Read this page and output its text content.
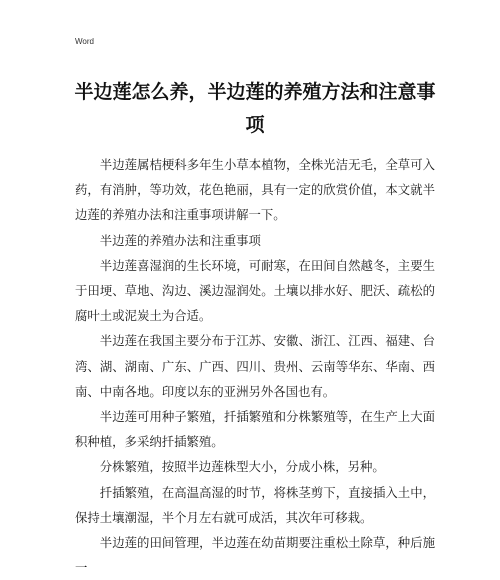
Word
半边莲怎么养，半边莲的养殖方法和注意事项

半边莲属桔梗科多年生小草本植物，全株光洁无毛，全草可入药，有消肿，等功效，花色艳丽，具有一定的欣赏价值，本文就半边莲的养殖办法和注重事项讲解一下。

半边莲的养殖办法和注重事项

半边莲喜湿润的生长环境，可耐寒，在田间自然越冬，主要生于田埂、草地、沟边、溪边湿润处。土壤以排水好、肥沃、疏松的腐叶土或泥炭土为合适。

半边莲在我国主要分布于江苏、安徽、浙江、江西、福建、台湾、湖、湖南、广东、广西、四川、贵州、云南等华东、华南、西南、中南各地。印度以东的亚洲另外各国也有。

半边莲可用种子繁殖，扦插繁殖和分株繁殖等，在生产上大面积种植，多采纳扦插繁殖。

分株繁殖，按照半边莲株型大小，分成小株，另种。

扦插繁殖，在高温高湿的时节，将株茎剪下，直接插入土中，保持土壤潮湿，半个月左右就可成活，其次年可移栽。

半边莲的田间管理，半边莲在幼苗期要注重松土除草，种后施一
